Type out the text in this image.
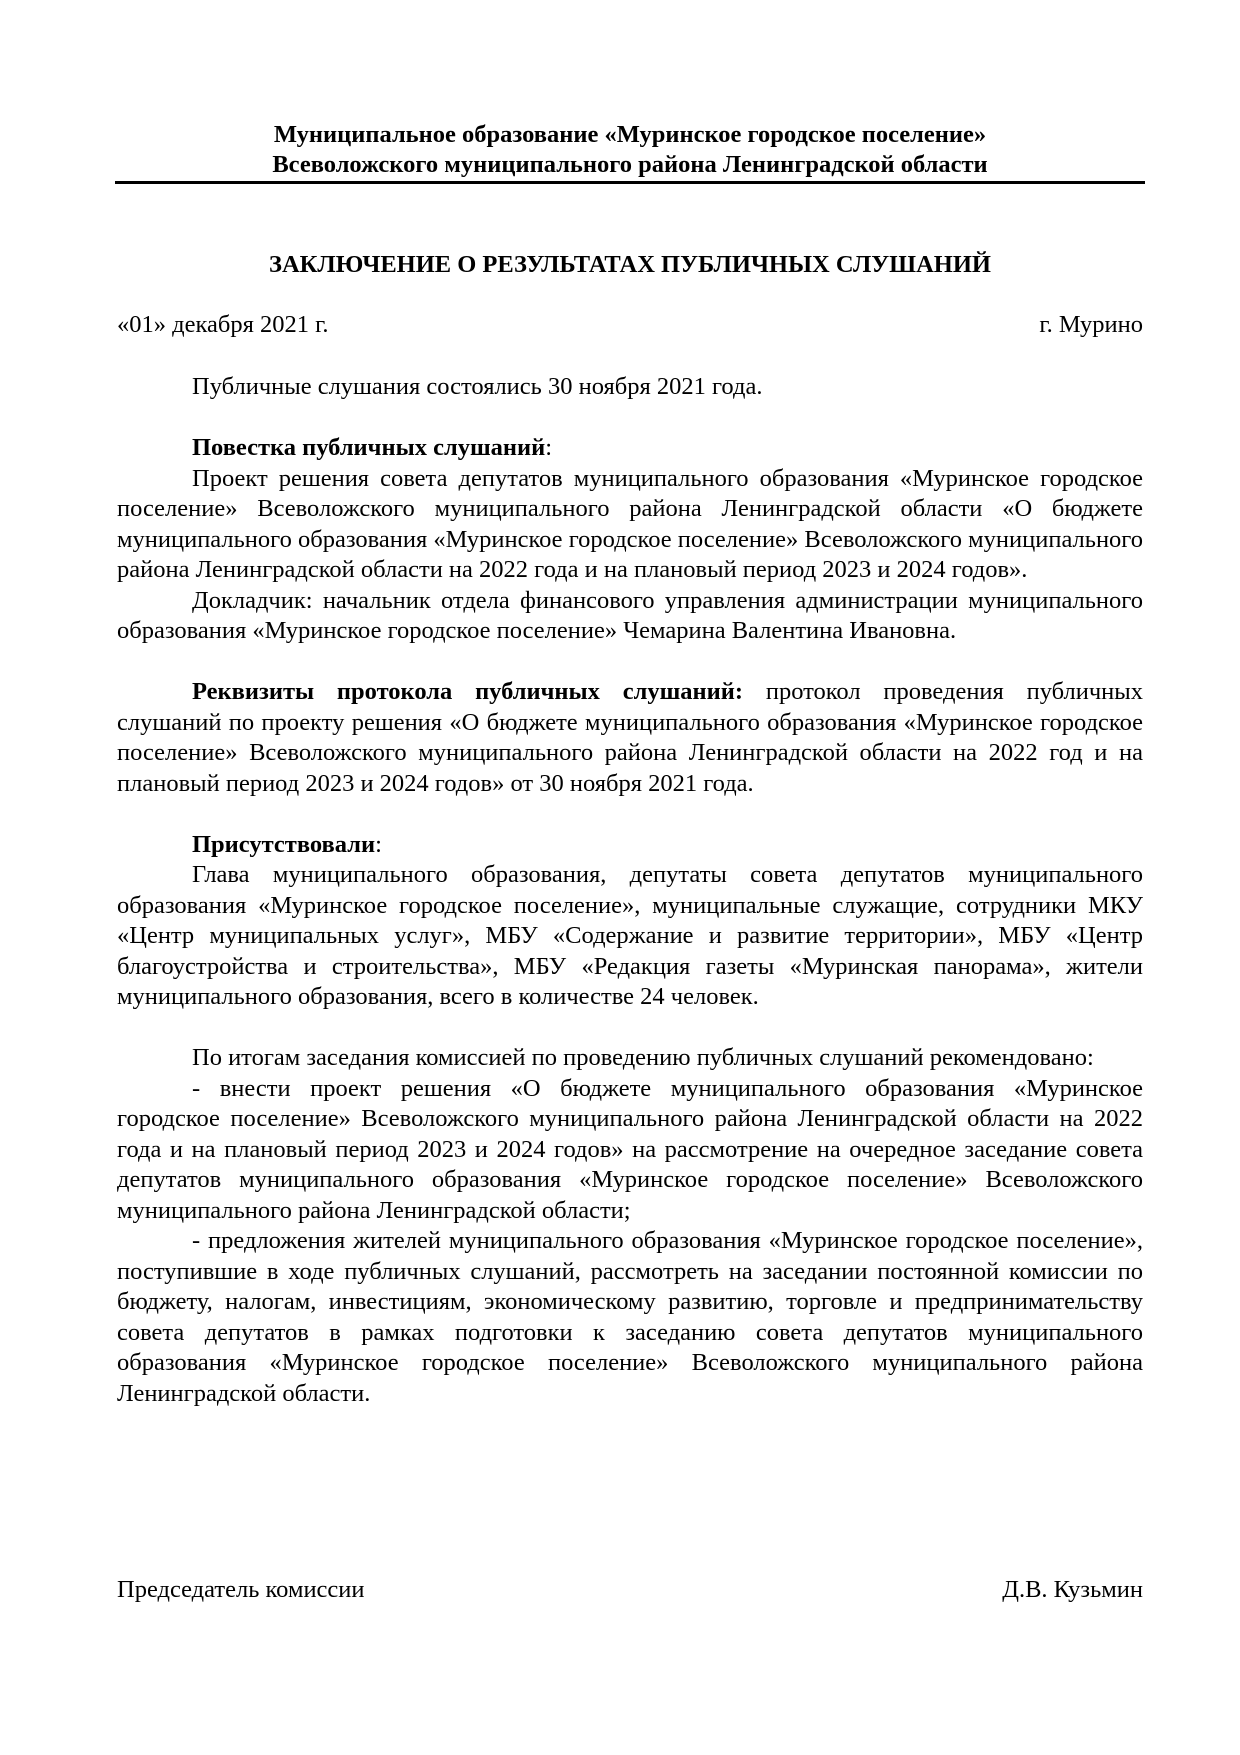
Муниципальное образование «Муринское городское поселение»
Всеволожского муниципального района Ленинградской области
ЗАКЛЮЧЕНИЕ О РЕЗУЛЬТАТАХ ПУБЛИЧНЫХ СЛУШАНИЙ
«01» декабря 2021 г.	г. Мурино

Публичные слушания состоялись 30 ноября 2021 года.

Повестка публичных слушаний:

Проект решения совета депутатов муниципального образования «Муринское городское поселение» Всеволожского муниципального района Ленинградской области «О бюджете муниципального образования «Муринское городское поселение» Всеволожского муниципального района Ленинградской области на 2022 года и на плановый период 2023 и 2024 годов».

Докладчик: начальник отдела финансового управления администрации муниципального образования «Муринское городское поселение» Чемарина Валентина Ивановна.

Реквизиты протокола публичных слушаний: протокол проведения публичных слушаний по проекту решения «О бюджете муниципального образования «Муринское городское поселение» Всеволожского муниципального района Ленинградской области на 2022 год и на плановый период 2023 и 2024 годов» от 30 ноября 2021 года.

Присутствовали:

Глава муниципального образования, депутаты совета депутатов муниципального образования «Муринское городское поселение», муниципальные служащие, сотрудники МКУ «Центр муниципальных услуг», МБУ «Содержание и развитие территории», МБУ «Центр благоустройства и строительства», МБУ «Редакция газеты «Муринская панорама», жители муниципального образования, всего в количестве 24 человек.

По итогам заседания комиссией по проведению публичных слушаний рекомендовано:

- внести проект решения «О бюджете муниципального образования «Муринское городское поселение» Всеволожского муниципального района Ленинградской области на 2022 года и на плановый период 2023 и 2024 годов» на рассмотрение на очередное заседание совета депутатов муниципального образования «Муринское городское поселение» Всеволожского муниципального района Ленинградской области;

- предложения жителей муниципального образования «Муринское городское поселение», поступившие в ходе публичных слушаний, рассмотреть на заседании постоянной комиссии по бюджету, налогам, инвестициям, экономическому развитию, торговле и предпринимательству совета депутатов в рамках подготовки к заседанию совета депутатов муниципального образования «Муринское городское поселение» Всеволожского муниципального района Ленинградской области.

Председатель комиссии	Д.В. Кузьмин
